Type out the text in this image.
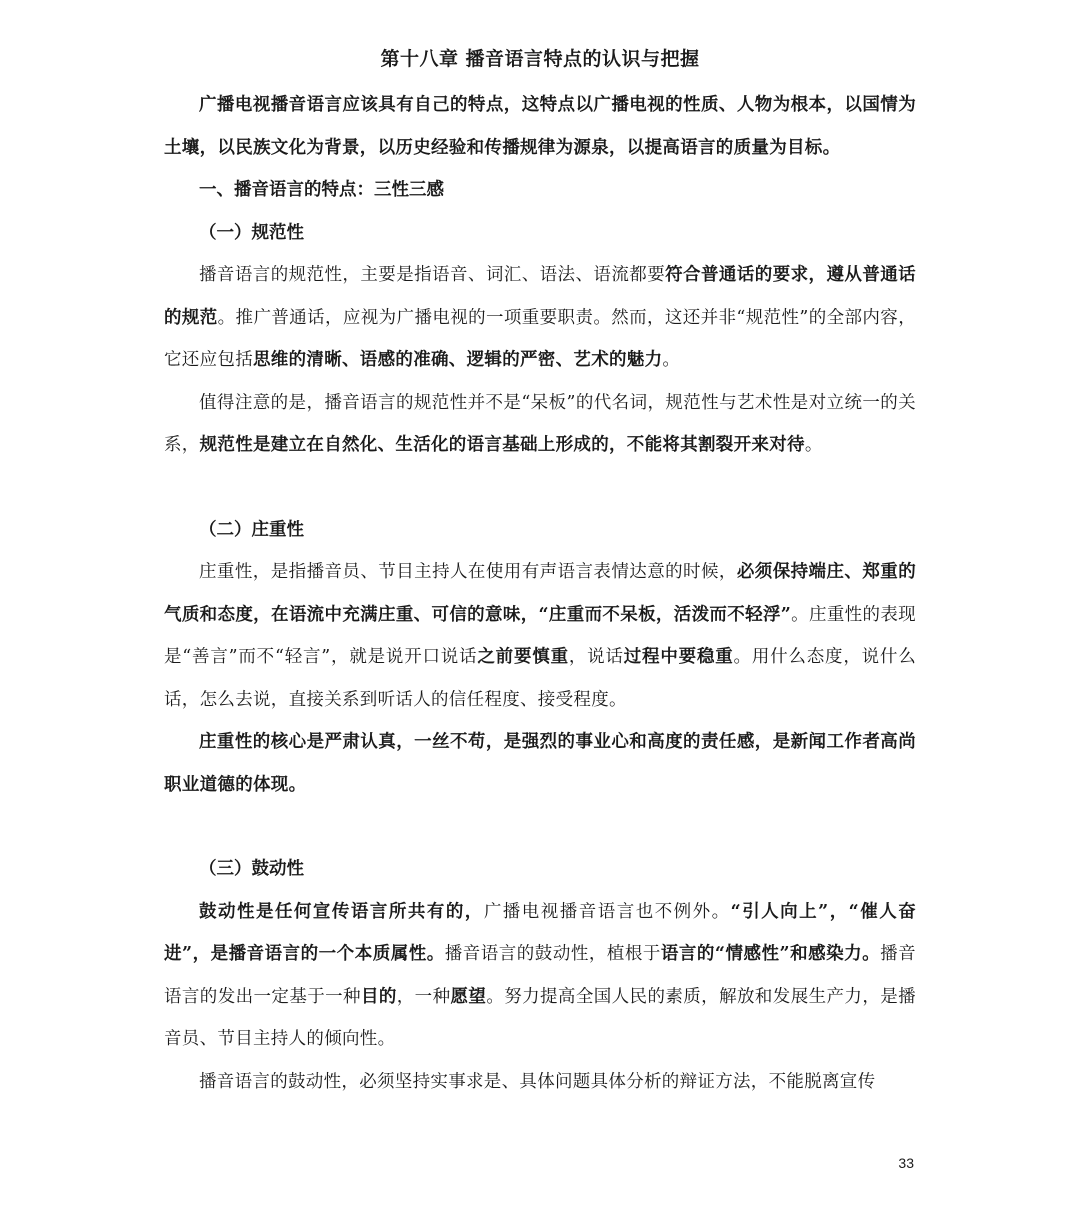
第十八章 播音语言特点的认识与把握

广播电视播音语言应该具有自己的特点，这特点以广播电视的性质、人物为根本，以国情为土壤，以民族文化为背景，以历史经验和传播规律为源泉，以提高语言的质量为目标。

一、播音语言的特点：三性三感

（一）规范性

播音语言的规范性，主要是指语音、词汇、语法、语流都要符合普通话的要求，遵从普通话的规范。推广普通话，应视为广播电视的一项重要职责。然而，这还并非“规范性”的全部内容，它还应包括思维的清晰、语感的准确、逻辑的严密、艺术的魅力。

值得注意的是，播音语言的规范性并不是“呆板”的代名词，规范性与艺术性是对立统一的关系，规范性是建立在自然化、生活化的语言基础上形成的，不能将其割裂开来对待。

（二）庄重性

庄重性，是指播音员、节目主持人在使用有声语言表情达意的时候，必须保持端庄、郑重的气质和态度，在语流中充满庄重、可信的意味，“庄重而不呆板，活泼而不轻浮”。庄重性的表现是“善言”而不“轻言”，就是说开口说话之前要慎重，说话过程中要稳重。用什么态度，说什么话，怎么去说，直接关系到听话人的信任程度、接受程度。

庄重性的核心是严肃认真，一丝不苟，是强烈的事业心和高度的责任感，是新闻工作者高尚职业道德的体现。

（三）鼓动性

鼓动性是任何宣传语言所共有的，广播电视播音语言也不例外。“引人向上”，“催人奋进”，是播音语言的一个本质属性。播音语言的鼓动性，植根于语言的“情感性”和感染力。播音语言的发出一定基于一种目的，一种愿望。努力提高全国人民的素质，解放和发展生产力，是播音员、节目主持人的倾向性。

播音语言的鼓动性，必须坚持实事求是、具体问题具体分析的辩证方法，不能脱离宣传

33
